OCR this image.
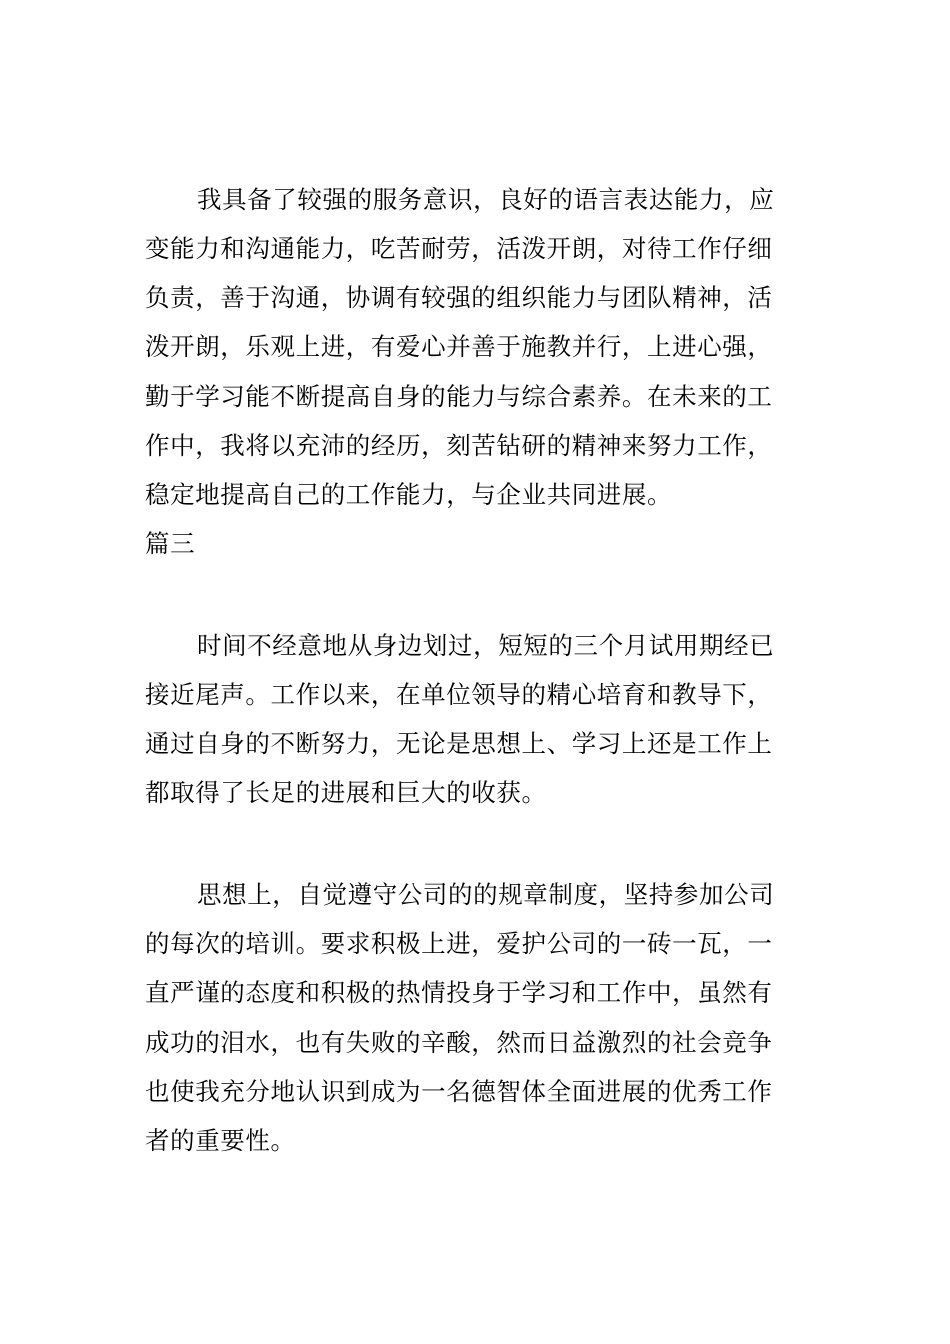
我具备了较强的服务意识，良好的语言表达能力，应
变能力和沟通能力，吃苦耐劳，活泼开朗，对待工作仔细
负责，善于沟通，协调有较强的组织能力与团队精神，活
泼开朗，乐观上进，有爱心并善于施教并行，上进心强，
勤于学习能不断提高自身的能力与综合素养。在未来的工
作中，我将以充沛的经历，刻苦钻研的精神来努力工作，
稳定地提高自己的工作能力，与企业共同进展。
篇三
时间不经意地从身边划过，短短的三个月试用期经已
接近尾声。工作以来，在单位领导的精心培育和教导下，
通过自身的不断努力，无论是思想上、学习上还是工作上
都取得了长足的进展和巨大的收获。
思想上，自觉遵守公司的的规章制度，坚持参加公司
的每次的培训。要求积极上进，爱护公司的一砖一瓦，一
直严谨的态度和积极的热情投身于学习和工作中，虽然有
成功的泪水，也有失败的辛酸，然而日益激烈的社会竞争
也使我充分地认识到成为一名德智体全面进展的优秀工作
者的重要性。
